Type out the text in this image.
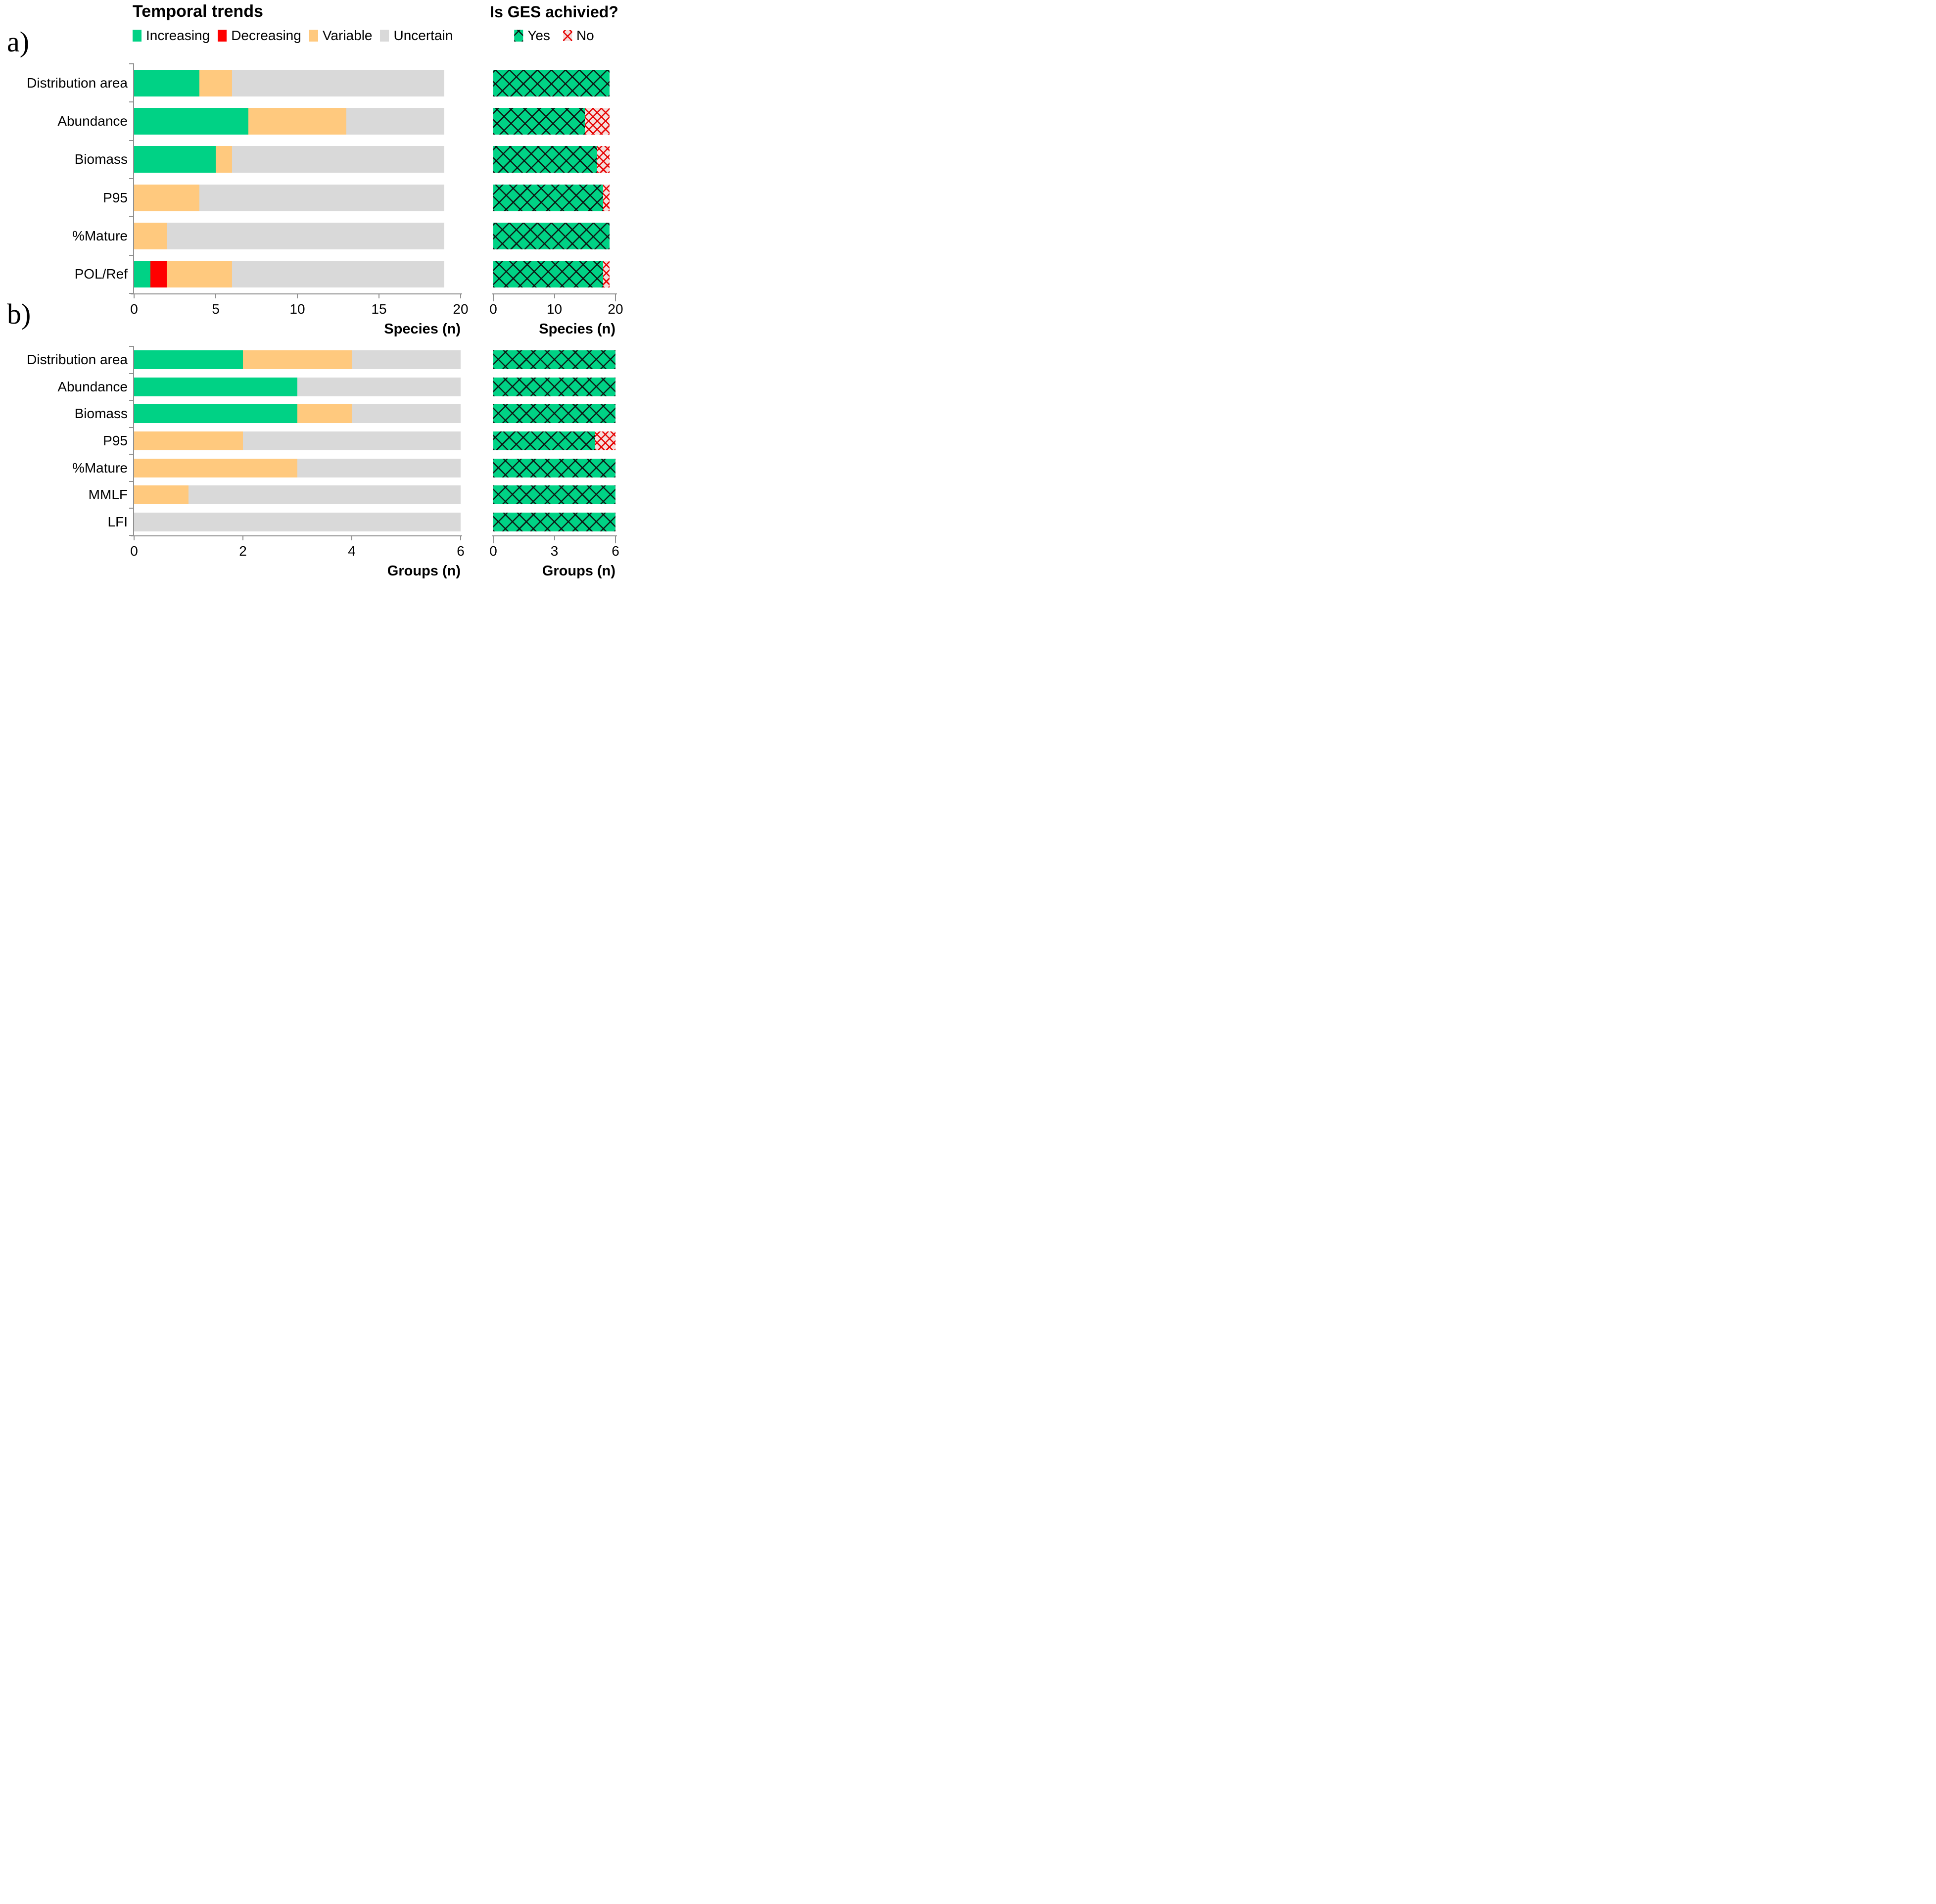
a)
b)
Temporal trends	Is GES achivied?
Increasing Decreasing Variable Uncertain	Yes No
Distribution area
Abundance
Biomass
P95
%Mature
POL/Ref
0	5	10	15	20
Species (n)
0	10	20
Species (n)
Distribution area
Abundance
Biomass
P95
%Mature
MMLF
LFI
0	2	4	6
Groups (n)
0	3	6
Groups (n)
